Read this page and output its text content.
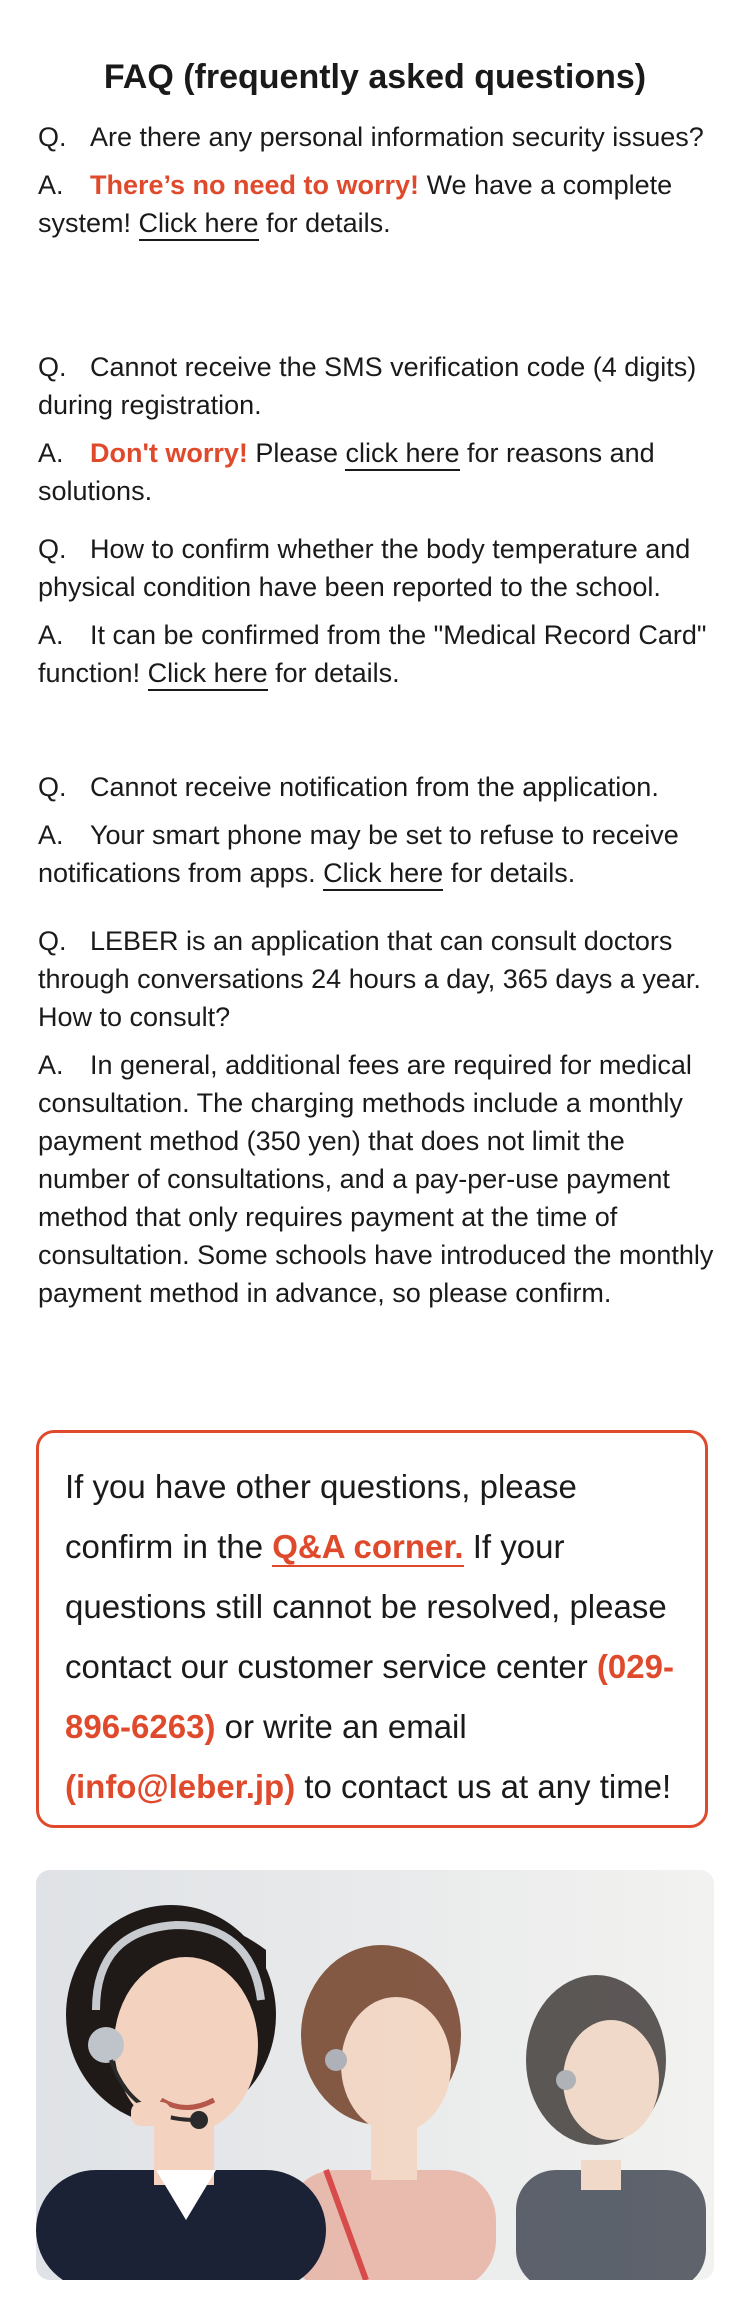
FAQ (frequently asked questions)

Q. Are there any personal information security issues?

A. There’s no need to worry! We have a complete system! Click here for details.

Q. Cannot receive the SMS verification code (4 digits) during registration.

A. Don't worry! Please click here for reasons and solutions.

Q. How to confirm whether the body temperature and physical condition have been reported to the school.

A. It can be confirmed from the "Medical Record Card" function! Click here for details.

Q. Cannot receive notification from the application.

A. Your smart phone may be set to refuse to receive notifications from apps. Click here for details.

Q. LEBER is an application that can consult doctors through conversations 24 hours a day, 365 days a year. How to consult?

A. In general, additional fees are required for medical consultation. The charging methods include a monthly payment method (350 yen) that does not limit the number of consultations, and a pay-per-use payment method that only requires payment at the time of consultation. Some schools have introduced the monthly payment method in advance, so please confirm.

If you have other questions, please confirm in the Q&A corner. If your questions still cannot be resolved, please contact our customer service center (029-896-6263) or write an email (info@leber.jp) to contact us at any time!
